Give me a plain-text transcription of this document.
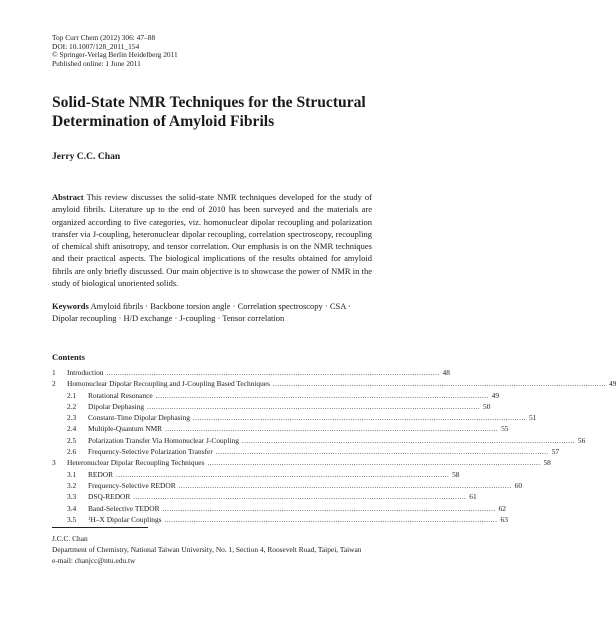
Top Curr Chem (2012) 306: 47–88
DOI: 10.1007/128_2011_154
© Springer-Verlag Berlin Heidelberg 2011
Published online: 1 June 2011
Solid-State NMR Techniques for the Structural Determination of Amyloid Fibrils
Jerry C.C. Chan
Abstract This review discusses the solid-state NMR techniques developed for the study of amyloid fibrils. Literature up to the end of 2010 has been surveyed and the materials are organized according to five categories, viz. homonuclear dipolar recoupling and polarization transfer via J-coupling, heteronuclear dipolar recoupling, correlation spectroscopy, recoupling of chemical shift anisotropy, and tensor correlation. Our emphasis is on the NMR techniques and their practical aspects. The biological implications of the results obtained for amyloid fibrils are only briefly discussed. Our main objective is to showcase the power of NMR in the study of biological unoriented solids.
Keywords Amyloid fibrils · Backbone torsion angle · Correlation spectroscopy · CSA · Dipolar recoupling · H/D exchange · J-coupling · Tensor correlation
Contents
1	Introduction .................................................................................................................................................... 48
2	Homonuclear Dipolar Recoupling and J-Coupling Based Techniques .................................................................................................................................................... 49
2.1	Rotational Resonance .................................................................................................................................................... 49
2.2	Dipolar Dephasing .................................................................................................................................................... 50
2.3	Constant-Time Dipolar Dephasing .................................................................................................................................................... 51
2.4	Multiple-Quantum NMR .................................................................................................................................................... 55
2.5	Polarization Transfer Via Homonuclear J-Coupling .................................................................................................................................................... 56
2.6	Frequency-Selective Polarization Transfer .................................................................................................................................................... 57
3	Heteronuclear Dipolar Recoupling Techniques .................................................................................................................................................... 58
3.1	REDOR .................................................................................................................................................... 58
3.2	Frequency-Selective REDOR .................................................................................................................................................... 60
3.3	DSQ-REDOR .................................................................................................................................................... 61
3.4	Band-Selective TEDOR .................................................................................................................................................... 62
3.5	$^1$H–X Dipolar Couplings .................................................................................................................................................... 63
J.C.C. Chan
Department of Chemistry, National Taiwan University, No. 1, Section 4, Roosevelt Road, Taipei, Taiwan
e-mail: chanjcc@ntu.edu.tw
